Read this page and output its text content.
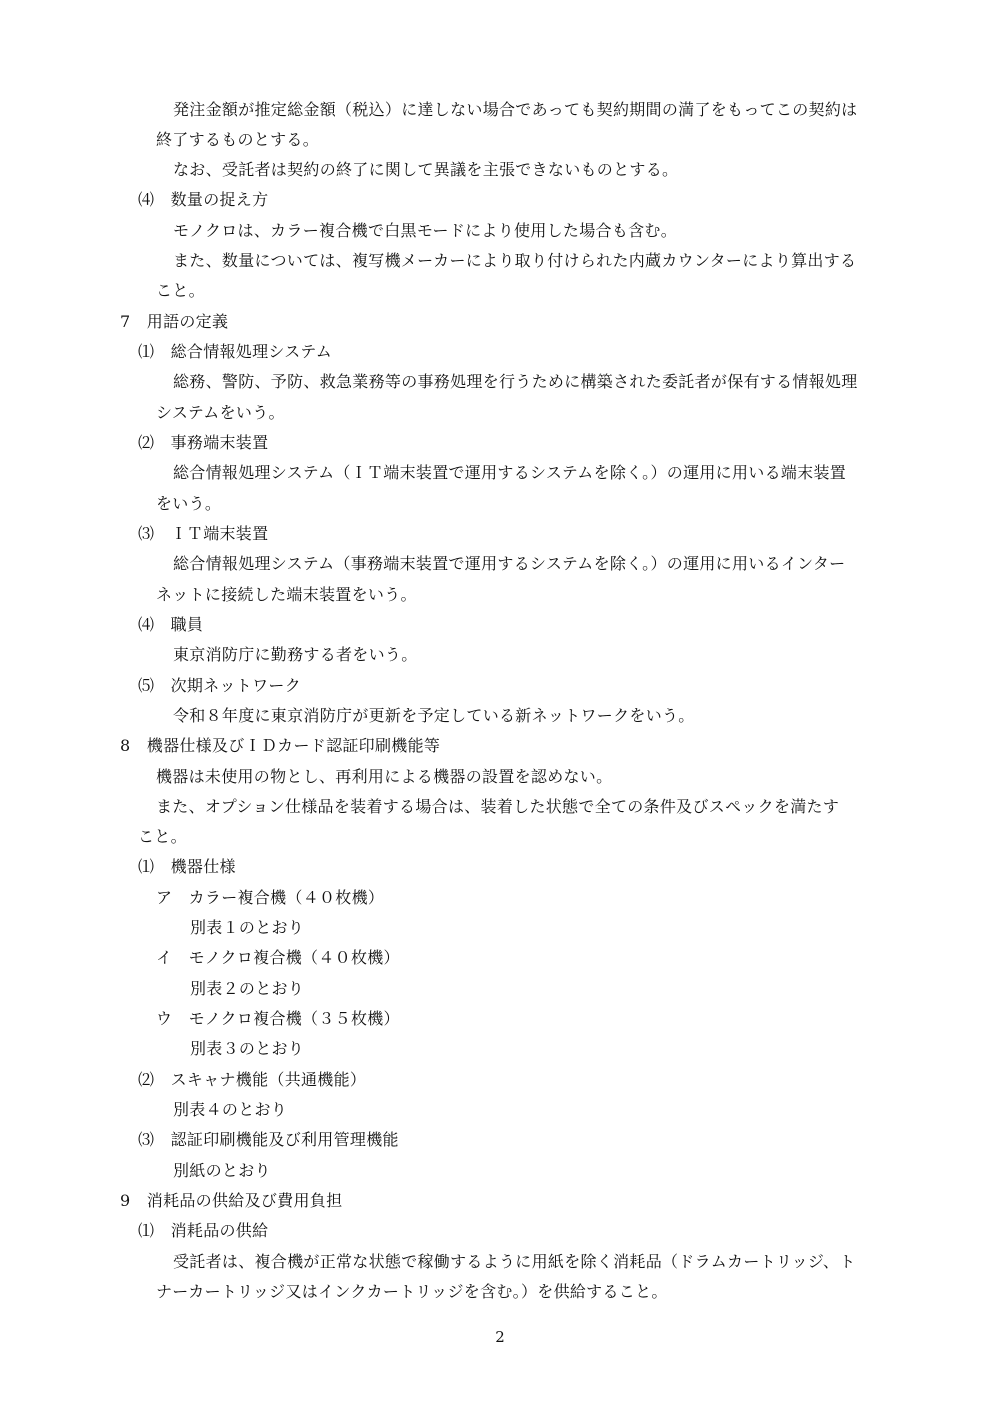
発注金額が推定総金額（税込）に達しない場合であっても契約期間の満了をもってこの契約は
終了するものとする。
なお、受託者は契約の終了に関して異議を主張できないものとする。
⑷　数量の捉え方
モノクロは、カラー複合機で白黒モードにより使用した場合も含む。
また、数量については、複写機メーカーにより取り付けられた内蔵カウンターにより算出する
こと。
7　用語の定義
⑴　総合情報処理システム
総務、警防、予防、救急業務等の事務処理を行うために構築された委託者が保有する情報処理
システムをいう。
⑵　事務端末装置
総合情報処理システム（ＩＴ端末装置で運用するシステムを除く。）の運用に用いる端末装置
をいう。
⑶　ＩＴ端末装置
総合情報処理システム（事務端末装置で運用するシステムを除く。）の運用に用いるインター
ネットに接続した端末装置をいう。
⑷　職員
東京消防庁に勤務する者をいう。
⑸　次期ネットワーク
令和８年度に東京消防庁が更新を予定している新ネットワークをいう。
8　機器仕様及びＩＤカード認証印刷機能等
機器は未使用の物とし、再利用による機器の設置を認めない。
また、オプション仕様品を装着する場合は、装着した状態で全ての条件及びスペックを満たす
こと。
⑴　機器仕様
ア　カラー複合機（４０枚機）
別表１のとおり
イ　モノクロ複合機（４０枚機）
別表２のとおり
ウ　モノクロ複合機（３５枚機）
別表３のとおり
⑵　スキャナ機能（共通機能）
別表４のとおり
⑶　認証印刷機能及び利用管理機能
別紙のとおり
9　消耗品の供給及び費用負担
⑴　消耗品の供給
受託者は、複合機が正常な状態で稼働するように用紙を除く消耗品（ドラムカートリッジ、ト
ナーカートリッジ又はインクカートリッジを含む。）を供給すること。
2
